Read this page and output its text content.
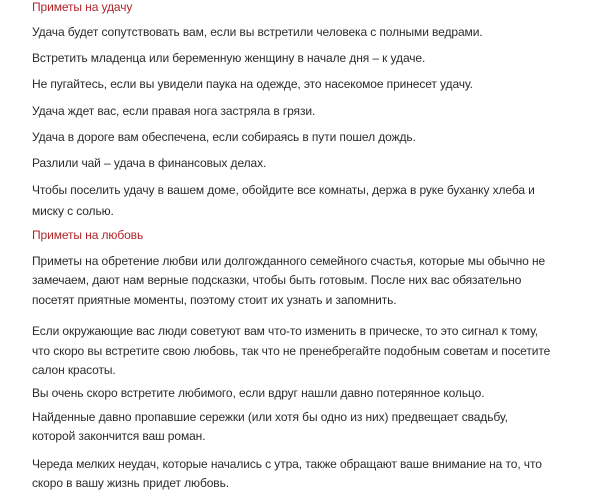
Приметы на удачу
Удача будет сопутствовать вам, если вы встретили человека с полными ведрами.
Встретить младенца или беременную женщину в начале дня – к удаче.
Не пугайтесь, если вы увидели паука на одежде, это насекомое принесет удачу.
Удача ждет вас, если правая нога застряла в грязи.
Удача в дороге вам обеспечена, если собираясь в пути пошел дождь.
Разлили чай – удача в финансовых делах.
Чтобы поселить удачу в вашем доме, обойдите все комнаты, держа в руке буханку хлеба и
миску с солью.
Приметы на любовь
Приметы на обретение любви или долгожданного семейного счастья, которые мы обычно не
замечаем, дают нам верные подсказки, чтобы быть готовым. После них вас обязательно
посетят приятные моменты, поэтому стоит их узнать и запомнить.
Если окружающие вас люди советуют вам что-то изменить в прическе, то это сигнал к тому,
что скоро вы встретите свою любовь, так что не пренебрегайте подобным советам и посетите
салон красоты.
Вы очень скоро встретите любимого, если вдруг нашли давно потерянное кольцо.
Найденные давно пропавшие сережки (или хотя бы одно из них) предвещает свадьбу,
которой закончится ваш роман.
Череда мелких неудач, которые начались с утра, также обращают ваше внимание на то, что
скоро в вашу жизнь придет любовь.
